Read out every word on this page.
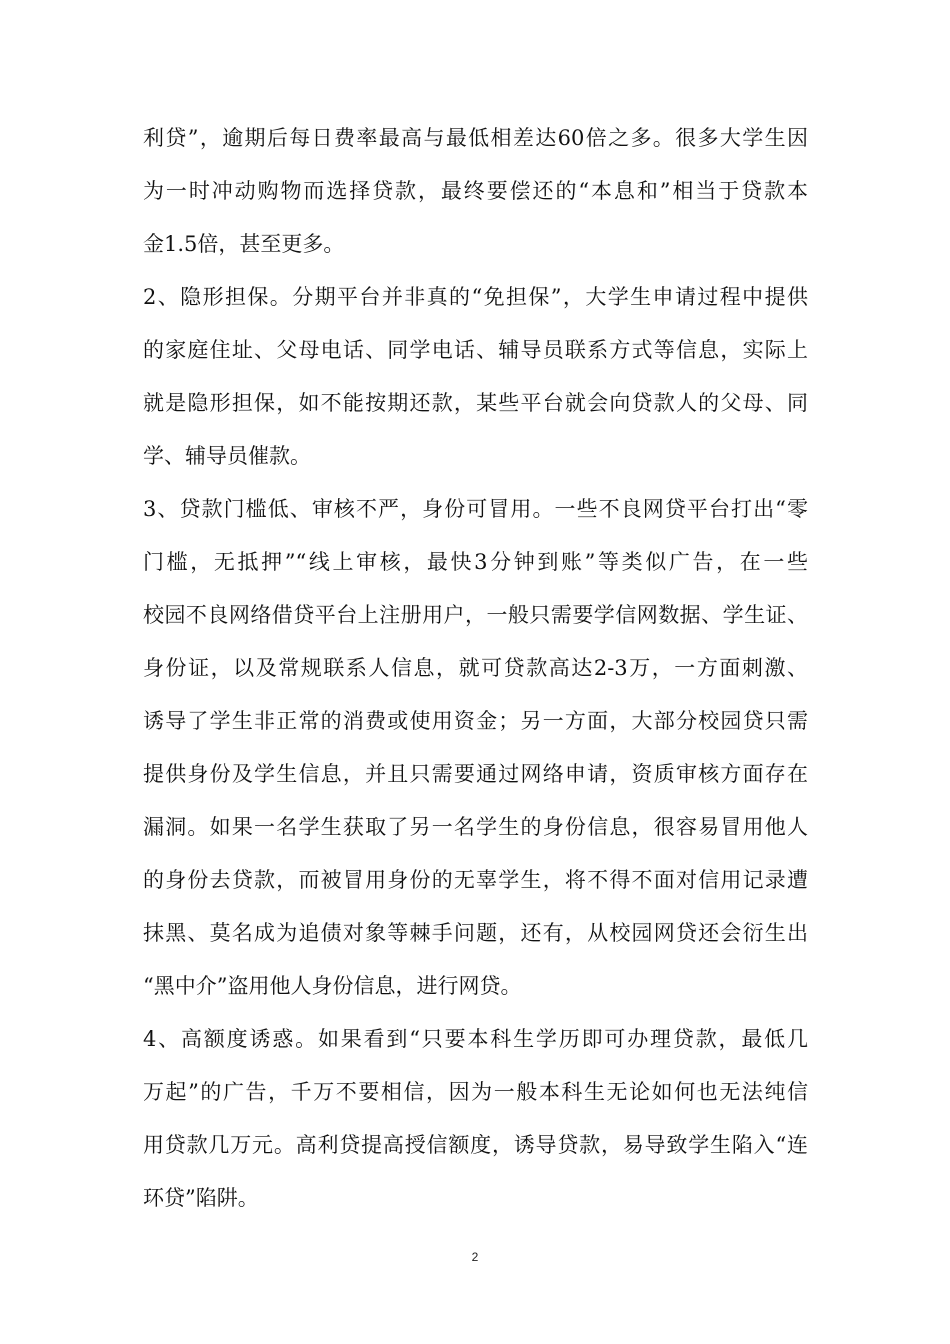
利贷”，逾期后每日费率最高与最低相差达60倍之多。很多大学生因
为一时冲动购物而选择贷款，最终要偿还的“本息和”相当于贷款本
金1.5倍，甚至更多。
2、隐形担保。分期平台并非真的“免担保”，大学生申请过程中提供
的家庭住址、父母电话、同学电话、辅导员联系方式等信息，实际上
就是隐形担保，如不能按期还款，某些平台就会向贷款人的父母、同
学、辅导员催款。
3、贷款门槛低、审核不严，身份可冒用。一些不良网贷平台打出“零
门槛，无抵押”“线上审核，最快3分钟到账”等类似广告，在一些
校园不良网络借贷平台上注册用户，一般只需要学信网数据、学生证、
身份证，以及常规联系人信息，就可贷款高达2-3万，一方面刺激、
诱导了学生非正常的消费或使用资金；另一方面，大部分校园贷只需
提供身份及学生信息，并且只需要通过网络申请，资质审核方面存在
漏洞。如果一名学生获取了另一名学生的身份信息，很容易冒用他人
的身份去贷款，而被冒用身份的无辜学生，将不得不面对信用记录遭
抹黑、莫名成为追债对象等棘手问题，还有，从校园网贷还会衍生出
“黑中介”盗用他人身份信息，进行网贷。
4、高额度诱惑。如果看到“只要本科生学历即可办理贷款，最低几
万起”的广告，千万不要相信，因为一般本科生无论如何也无法纯信
用贷款几万元。高利贷提高授信额度，诱导贷款，易导致学生陷入“连
环贷”陷阱。
2
